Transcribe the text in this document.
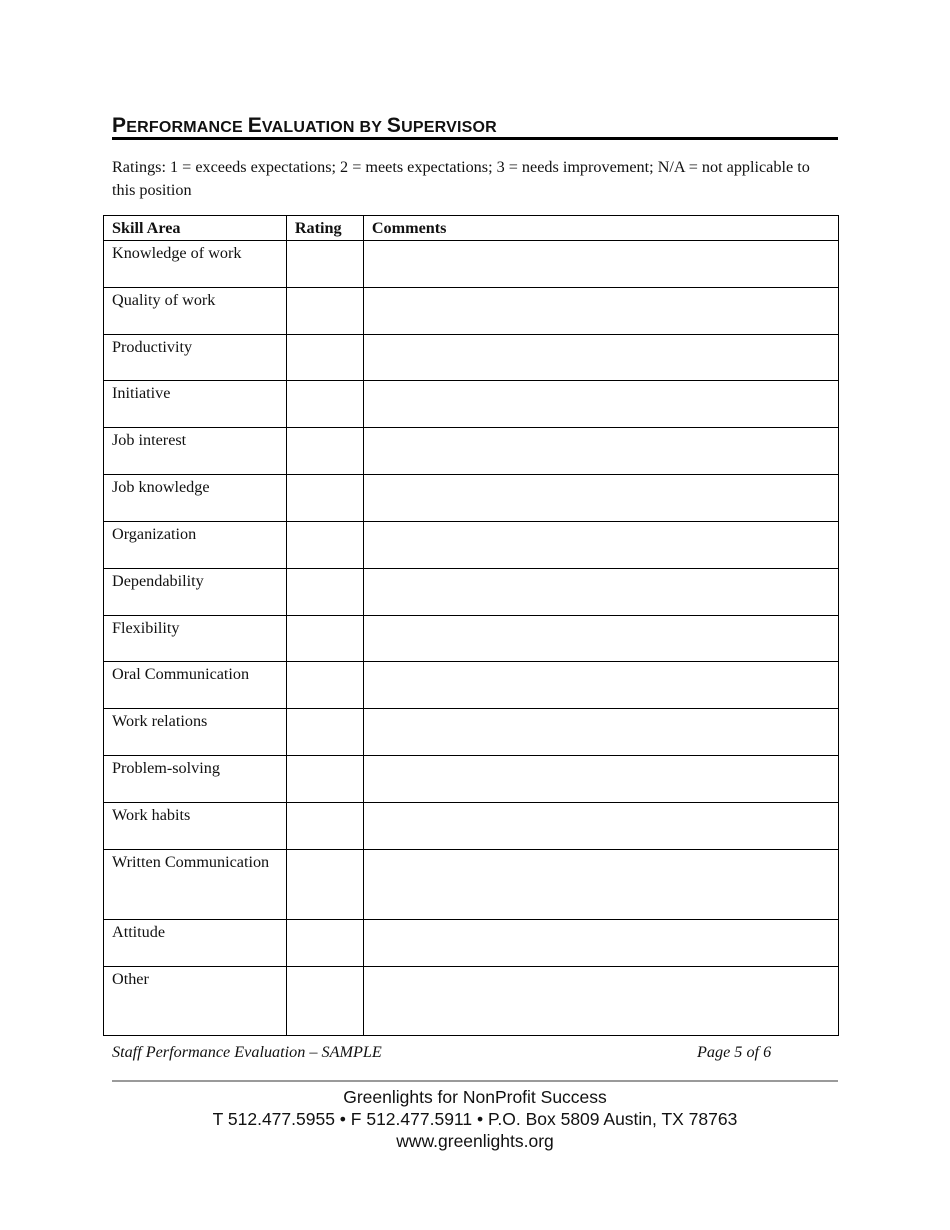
PERFORMANCE EVALUATION BY SUPERVISOR
Ratings: 1 = exceeds expectations; 2 = meets expectations; 3 = needs improvement; N/A = not applicable to this position
Skill Area	Rating	Comments
Knowledge of work		
Quality of work		
Productivity		
Initiative		
Job interest		
Job knowledge		
Organization		
Dependability		
Flexibility		
Oral Communication		
Work relations		
Problem-solving		
Work habits		
Written Communication		
Attitude		
Other		
Staff Performance Evaluation – SAMPLE	Page 5 of 6
Greenlights for NonProfit Success
T 512.477.5955 • F 512.477.5911 • P.O. Box 5809 Austin, TX 78763
www.greenlights.org
